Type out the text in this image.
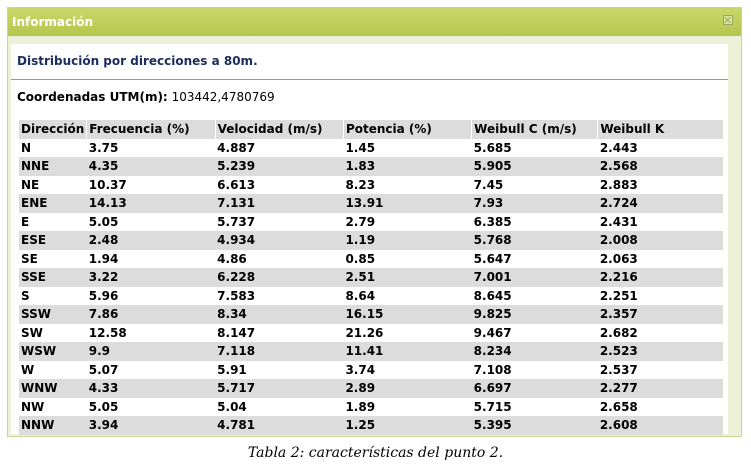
Información
Distribución por direcciones a 80m.
Coordenadas UTM(m): 103442,4780769
Dirección	Frecuencia (%)	Velocidad (m/s)	Potencia (%)	Weibull C (m/s)	Weibull K
N	3.75	4.887	1.45	5.685	2.443
NNE	4.35	5.239	1.83	5.905	2.568
NE	10.37	6.613	8.23	7.45	2.883
ENE	14.13	7.131	13.91	7.93	2.724
E	5.05	5.737	2.79	6.385	2.431
ESE	2.48	4.934	1.19	5.768	2.008
SE	1.94	4.86	0.85	5.647	2.063
SSE	3.22	6.228	2.51	7.001	2.216
S	5.96	7.583	8.64	8.645	2.251
SSW	7.86	8.34	16.15	9.825	2.357
SW	12.58	8.147	21.26	9.467	2.682
WSW	9.9	7.118	11.41	8.234	2.523
W	5.07	5.91	3.74	7.108	2.537
WNW	4.33	5.717	2.89	6.697	2.277
NW	5.05	5.04	1.89	5.715	2.658
NNW	3.94	4.781	1.25	5.395	2.608
Tabla 2: características del punto 2.
